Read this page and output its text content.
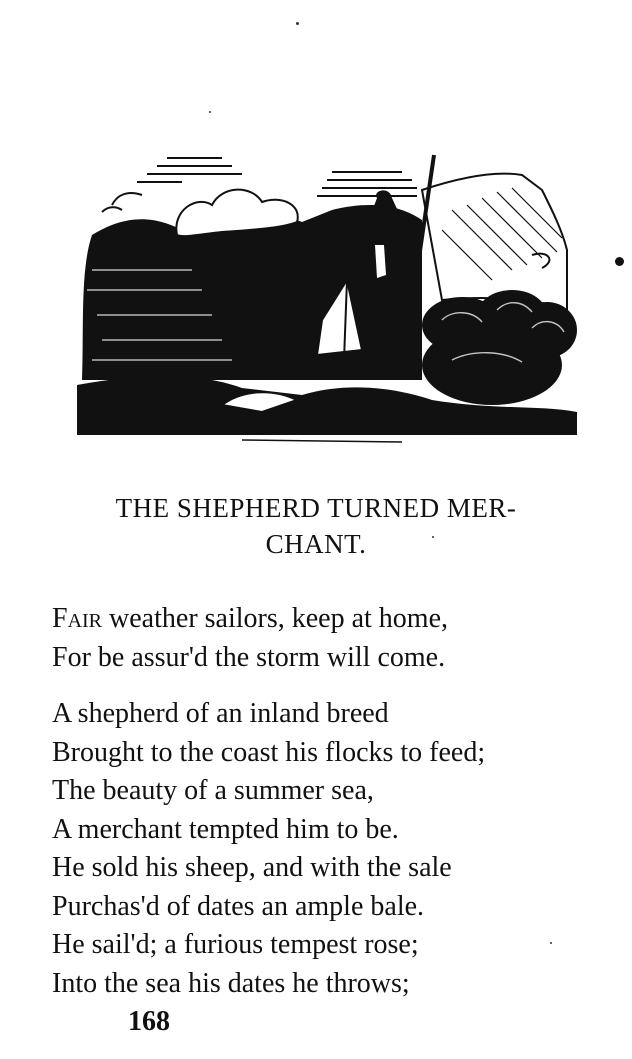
THE SHEPHERD TURNED MER-
CHANT.
Fair weather sailors, keep at home,
For be assur'd the storm will come.
A shepherd of an inland breed
Brought to the coast his flocks to feed;
The beauty of a summer sea,
A merchant tempted him to be.
He sold his sheep, and with the sale
Purchas'd of dates an ample bale.
He sail'd; a furious tempest rose;
Into the sea his dates he throws;
168
